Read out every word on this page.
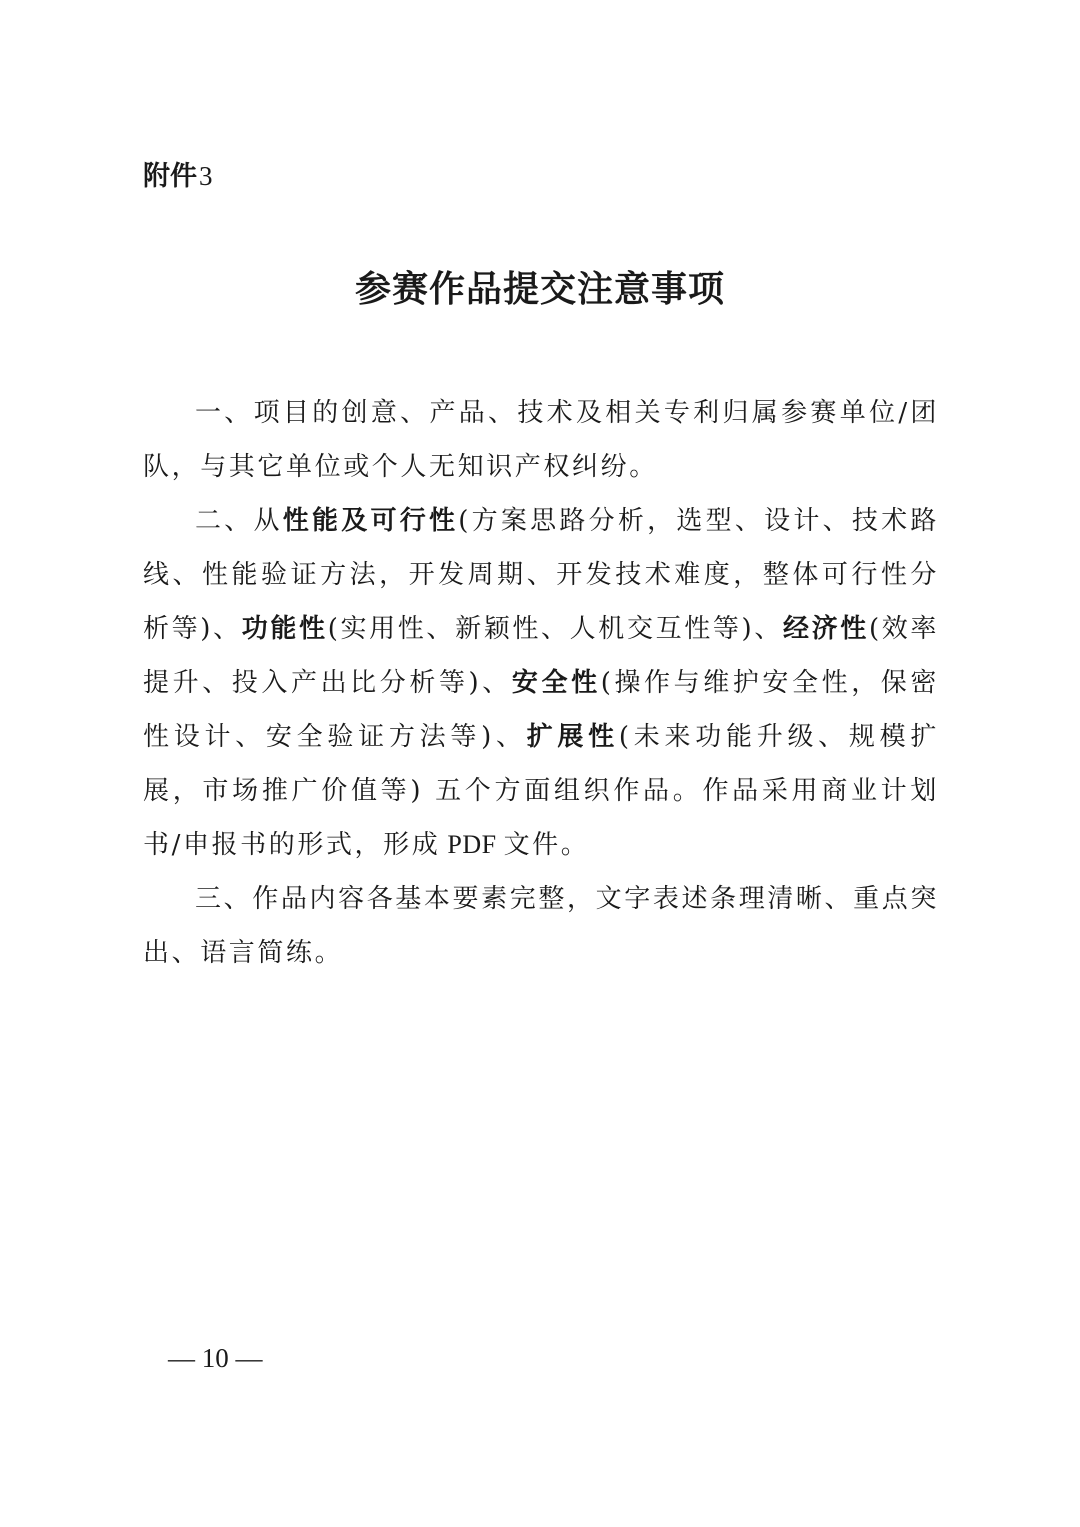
附件3
参赛作品提交注意事项

一、项目的创意、产品、技术及相关专利归属参赛单位/团队，与其它单位或个人无知识产权纠纷。

二、从性能及可行性(方案思路分析，选型、设计、技术路线、性能验证方法，开发周期、开发技术难度，整体可行性分析等)、功能性(实用性、新颖性、人机交互性等)、经济性(效率提升、投入产出比分析等)、安全性(操作与维护安全性，保密性设计、安全验证方法等)、扩展性(未来功能升级、规模扩展，市场推广价值等) 五个方面组织作品。作品采用商业计划书/申报书的形式，形成 PDF 文件。

三、作品内容各基本要素完整，文字表述条理清晰、重点突出、语言简练。

— 10 —
